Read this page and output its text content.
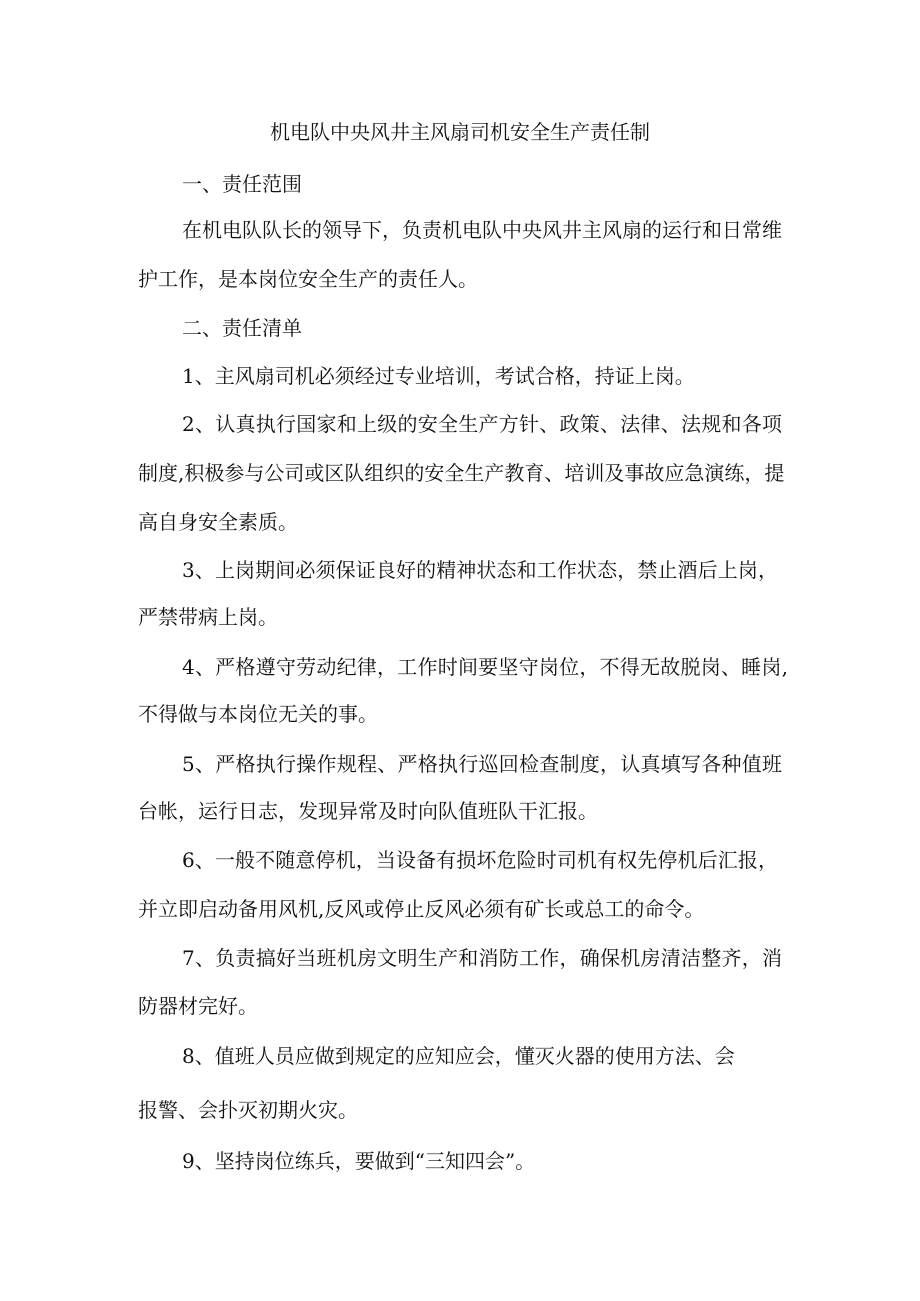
机电队中央风井主风扇司机安全生产责任制
一、责任范围
在机电队队长的领导下，负责机电队中央风井主风扇的运行和日常维
护工作，是本岗位安全生产的责任人。
二、责任清单
1、主风扇司机必须经过专业培训，考试合格，持证上岗。
2、认真执行国家和上级的安全生产方针、政策、法律、法规和各项
制度,积极参与公司或区队组织的安全生产教育、培训及事故应急演练，提
高自身安全素质。
3、上岗期间必须保证良好的精神状态和工作状态，禁止酒后上岗，
严禁带病上岗。
4、严格遵守劳动纪律，工作时间要坚守岗位，不得无故脱岗、睡岗,
不得做与本岗位无关的事。
5、严格执行操作规程、严格执行巡回检查制度，认真填写各种值班
台帐，运行日志，发现异常及时向队值班队干汇报。
6、一般不随意停机，当设备有损坏危险时司机有权先停机后汇报，
并立即启动备用风机,反风或停止反风必须有矿长或总工的命令。
7、负责搞好当班机房文明生产和消防工作，确保机房清洁整齐，消
防器材完好。
8、值班人员应做到规定的应知应会，懂灭火器的使用方法、会
报警、会扑灭初期火灾。
9、坚持岗位练兵，要做到“三知四会”。
